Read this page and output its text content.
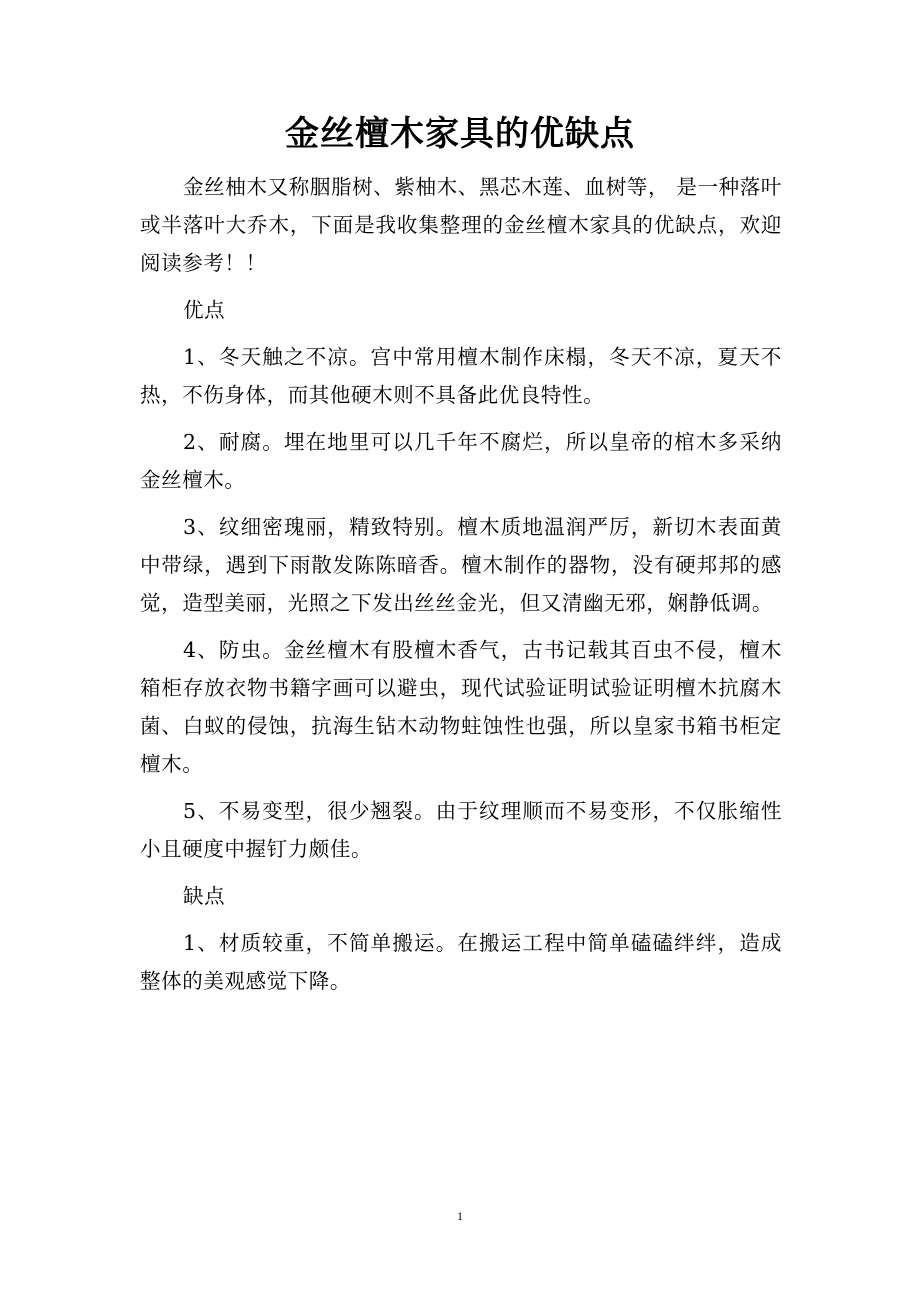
金丝檀木家具的优缺点

金丝柚木又称胭脂树、紫柚木、黑芯木莲、血树等， 是一种落叶或半落叶大乔木，下面是我收集整理的金丝檀木家具的优缺点，欢迎阅读参考！！

优点

1、冬天触之不凉。宫中常用檀木制作床榻，冬天不凉，夏天不热，不伤身体，而其他硬木则不具备此优良特性。

2、耐腐。埋在地里可以几千年不腐烂，所以皇帝的棺木多采纳金丝檀木。

3、纹细密瑰丽，精致特别。檀木质地温润严厉，新切木表面黄中带绿，遇到下雨散发陈陈暗香。檀木制作的器物，没有硬邦邦的感觉，造型美丽，光照之下发出丝丝金光，但又清幽无邪，娴静低调。

4、防虫。金丝檀木有股檀木香气，古书记载其百虫不侵，檀木箱柜存放衣物书籍字画可以避虫，现代试验证明试验证明檀木抗腐木菌、白蚁的侵蚀，抗海生钻木动物蛀蚀性也强，所以皇家书箱书柜定檀木。

5、不易变型，很少翘裂。由于纹理顺而不易变形，不仅胀缩性小且硬度中握钉力颇佳。

缺点

1、材质较重，不简单搬运。在搬运工程中简单磕磕绊绊，造成整体的美观感觉下降。

1
